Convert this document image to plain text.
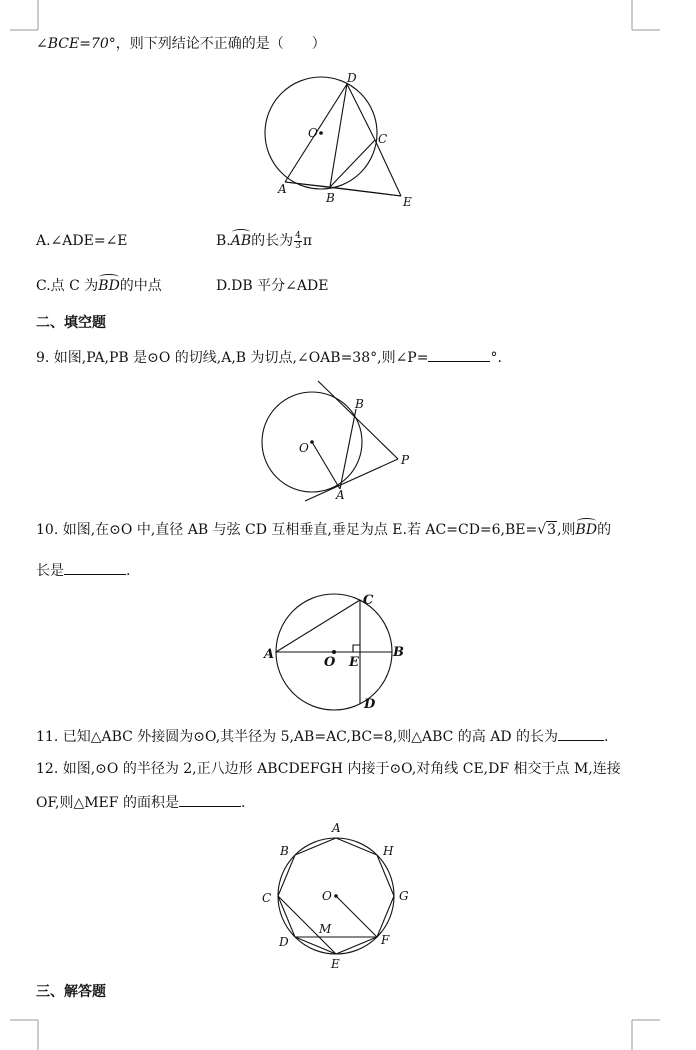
∠BCE=70°，则下列结论不正确的是（　　）
D
O	C
A
B	E
A.∠ADE=∠E	B.AB的长为 $\frac{4}{3}$ π
C.点 C 为BD的中点	D.DB 平分∠ADE
二、填空题
9. 如图,PA,PB 是⊙O 的切线,A,B 为切点,∠OAB=38°,则∠P=	°.
B
O
P
A
10. 如图,在⊙O 中,直径 AB 与弦 CD 互相垂直,垂足为点 E.若 AC=CD=6,BE=√3,则BD的
长是	.
C
A
O E
B
D
11. 已知△ABC 外接圆为⊙O,其半径为 5,AB=AC,BC=8,则△ABC 的高 AD 的长为	.
12. 如图,⊙O 的半径为 2,正八边形 ABCDEFGH 内接于⊙O,对角线 CE,DF 相交于点 M,连接
OF,则△MEF 的面积是	.
A
B	H
C	G
O
M
D	F
E
三、解答题
